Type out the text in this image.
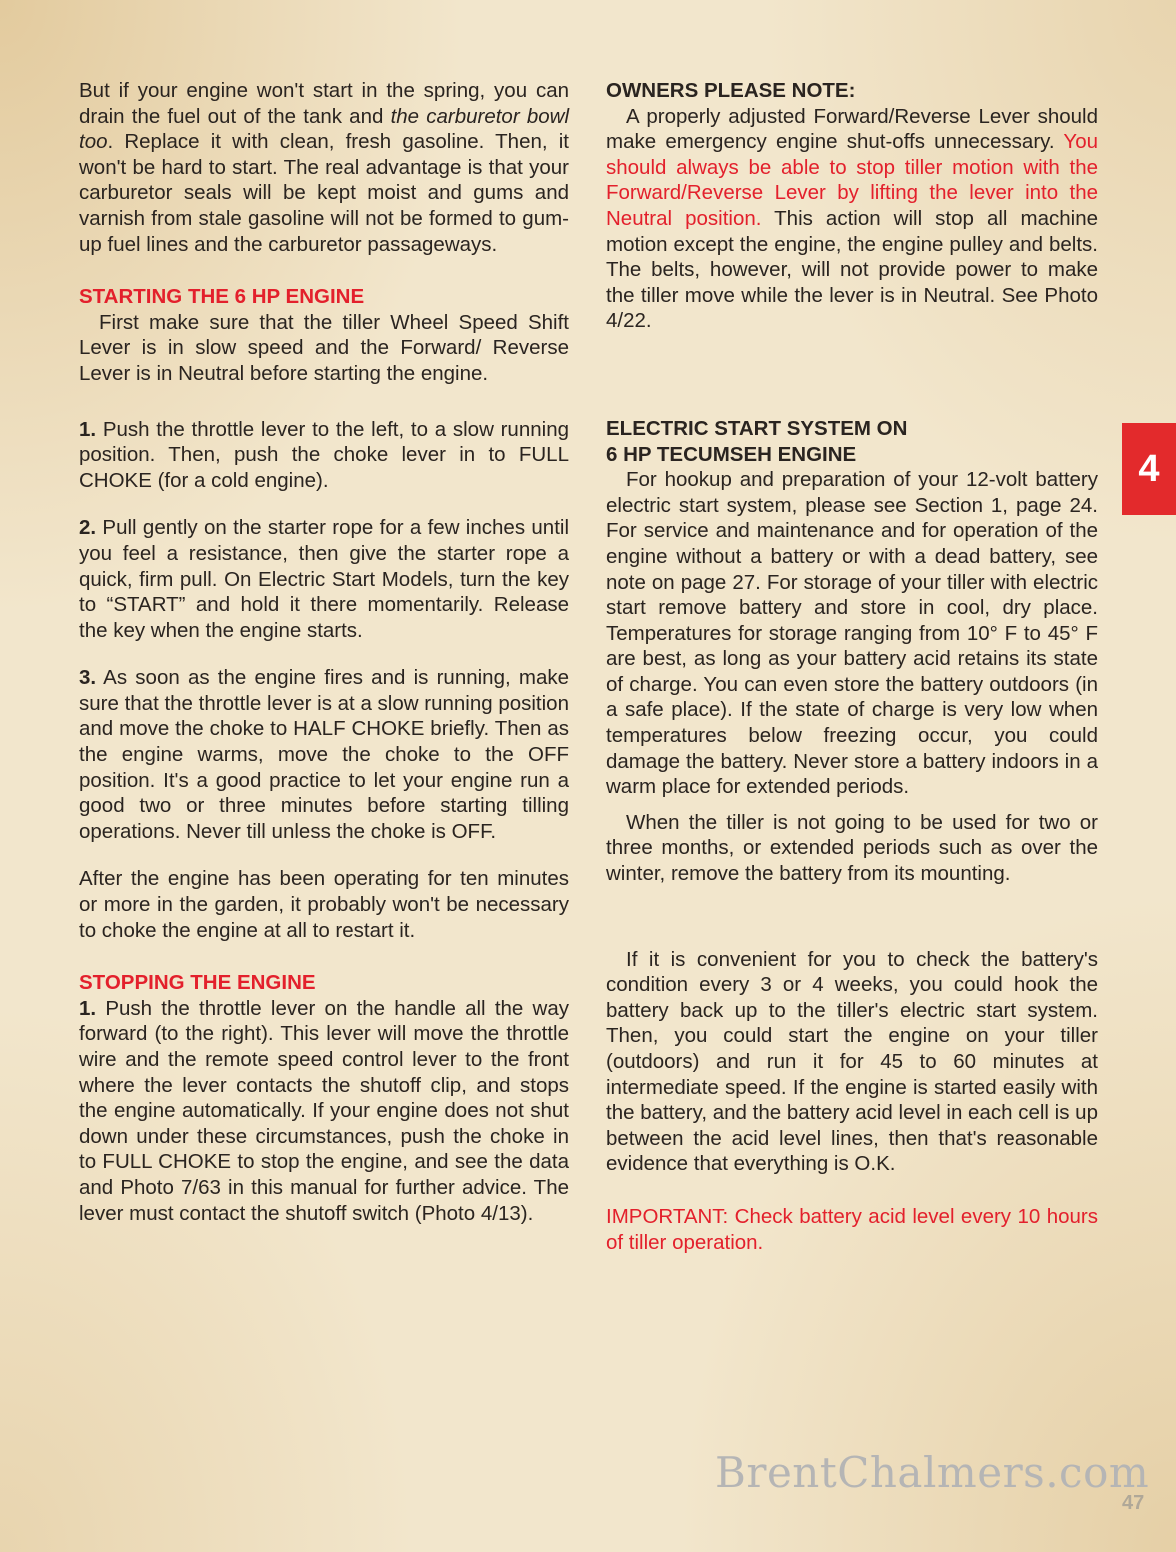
But if your engine won't start in the spring, you can drain the fuel out of the tank and the carburetor bowl too. Replace it with clean, fresh gasoline. Then, it won't be hard to start. The real advantage is that your carburetor seals will be kept moist and gums and varnish from stale gasoline will not be formed to gum-up fuel lines and the carburetor passageways.

STARTING THE 6 HP ENGINE

First make sure that the tiller Wheel Speed Shift Lever is in slow speed and the Forward/ Reverse Lever is in Neutral before starting the engine.

1. Push the throttle lever to the left, to a slow running position. Then, push the choke lever in to FULL CHOKE (for a cold engine).

2. Pull gently on the starter rope for a few inches until you feel a resistance, then give the starter rope a quick, firm pull. On Electric Start Models, turn the key to “START” and hold it there momentarily. Release the key when the engine starts.

3. As soon as the engine fires and is running, make sure that the throttle lever is at a slow running position and move the choke to HALF CHOKE briefly. Then as the engine warms, move the choke to the OFF position. It's a good practice to let your engine run a good two or three minutes before starting tilling operations. Never till unless the choke is OFF.

After the engine has been operating for ten minutes or more in the garden, it probably won't be necessary to choke the engine at all to restart it.

STOPPING THE ENGINE

1. Push the throttle lever on the handle all the way forward (to the right). This lever will move the throttle wire and the remote speed control lever to the front where the lever contacts the shutoff clip, and stops the engine automatically. If your engine does not shut down under these circumstances, push the choke in to FULL CHOKE to stop the engine, and see the data and Photo 7/63 in this manual for further advice. The lever must contact the shutoff switch (Photo 4/13).

OWNERS PLEASE NOTE:

A properly adjusted Forward/Reverse Lever should make emergency engine shut-offs unnecessary. You should always be able to stop tiller motion with the Forward/Reverse Lever by lifting the lever into the Neutral position. This action will stop all machine motion except the engine, the engine pulley and belts. The belts, however, will not provide power to make the tiller move while the lever is in Neutral. See Photo 4/22.

ELECTRIC START SYSTEM ON
6 HP TECUMSEH ENGINE

For hookup and preparation of your 12-volt battery electric start system, please see Section 1, page 24. For service and maintenance and for operation of the engine without a battery or with a dead battery, see note on page 27. For storage of your tiller with electric start remove battery and store in cool, dry place. Temperatures for storage ranging from 10° F to 45° F are best, as long as your battery acid retains its state of charge. You can even store the battery outdoors (in a safe place). If the state of charge is very low when temperatures below freezing occur, you could damage the battery. Never store a battery indoors in a warm place for extended periods.

When the tiller is not going to be used for two or three months, or extended periods such as over the winter, remove the battery from its mounting.

If it is convenient for you to check the battery's condition every 3 or 4 weeks, you could hook the battery back up to the tiller's electric start system. Then, you could start the engine on your tiller (outdoors) and run it for 45 to 60 minutes at intermediate speed. If the engine is started easily with the battery, and the battery acid level in each cell is up between the acid level lines, then that's reasonable evidence that everything is O.K.

IMPORTANT: Check battery acid level every 10 hours of tiller operation.

4
BrentChalmers.com
47
